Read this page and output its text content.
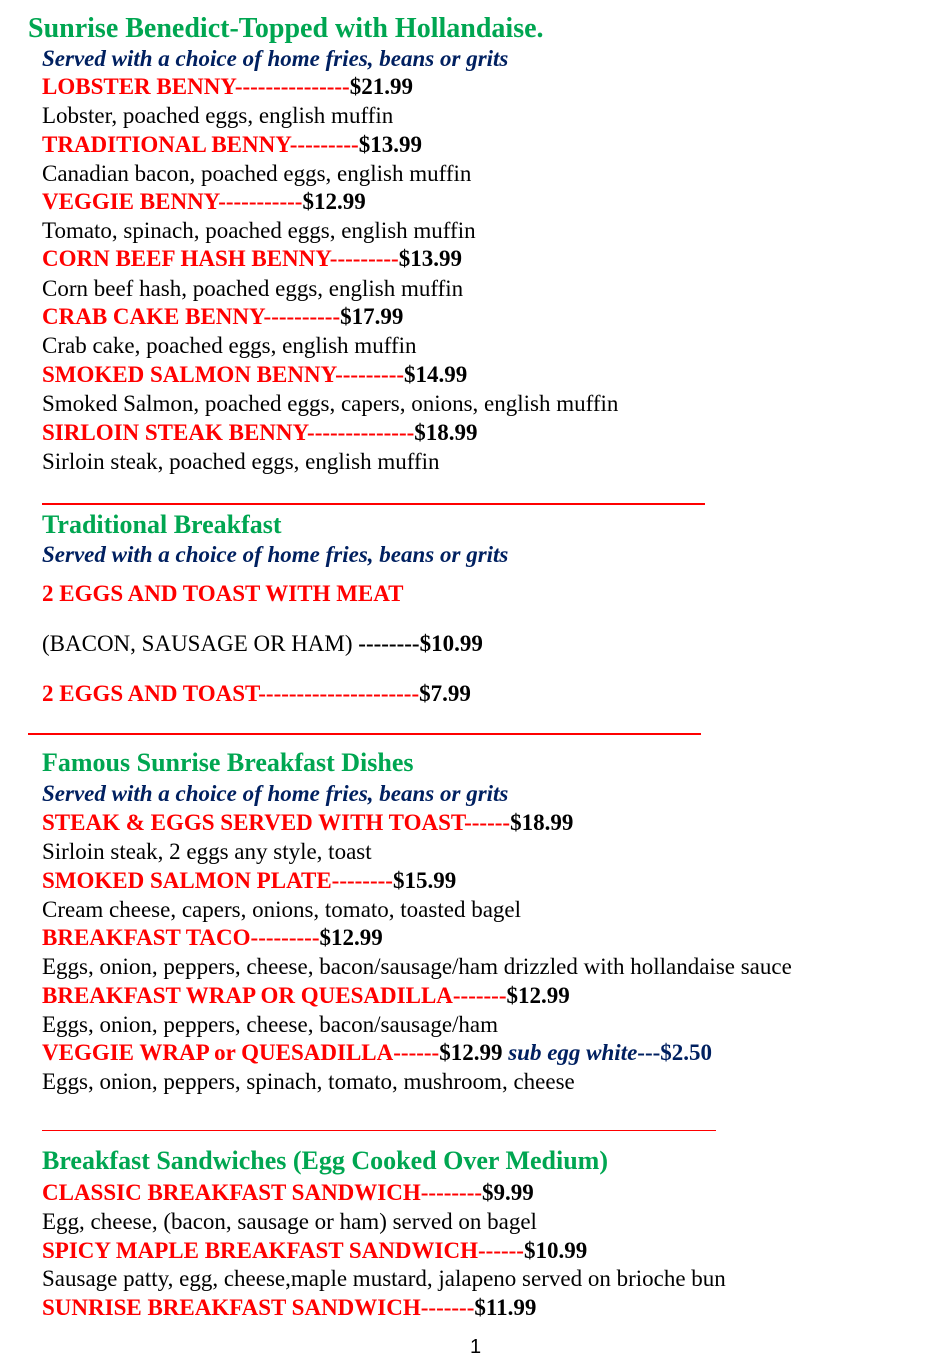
Sunrise Benedict-Topped with Hollandaise.
Served with a choice of home fries, beans or grits
LOBSTER BENNY---------------$21.99
Lobster, poached eggs, english muffin
TRADITIONAL BENNY---------$13.99
Canadian bacon, poached eggs, english muffin
VEGGIE BENNY-----------$12.99
Tomato, spinach, poached eggs, english muffin
CORN BEEF HASH BENNY---------$13.99
Corn beef hash, poached eggs, english muffin
CRAB CAKE BENNY----------$17.99
Crab cake, poached eggs, english muffin
SMOKED SALMON BENNY---------$14.99
Smoked Salmon, poached eggs, capers, onions, english muffin
SIRLOIN STEAK BENNY--------------$18.99
Sirloin steak, poached eggs, english muffin
Traditional Breakfast
Served with a choice of home fries, beans or grits
2 EGGS AND TOAST WITH MEAT
(BACON, SAUSAGE OR HAM) --------$10.99
2 EGGS AND TOAST---------------------$7.99
Famous Sunrise Breakfast Dishes
Served with a choice of home fries, beans or grits
STEAK & EGGS SERVED WITH TOAST------$18.99
Sirloin steak, 2 eggs any style, toast
SMOKED SALMON PLATE--------$15.99
Cream cheese, capers, onions, tomato, toasted bagel
BREAKFAST TACO---------$12.99
Eggs, onion, peppers, cheese, bacon/sausage/ham drizzled with hollandaise sauce
BREAKFAST WRAP OR QUESADILLA-------$12.99
Eggs, onion, peppers, cheese, bacon/sausage/ham
VEGGIE WRAP or QUESADILLA------$12.99 sub egg white---$2.50
Eggs, onion, peppers, spinach, tomato, mushroom, cheese
Breakfast Sandwiches (Egg Cooked Over Medium)
CLASSIC BREAKFAST SANDWICH--------$9.99
Egg, cheese, (bacon, sausage or ham) served on bagel
SPICY MAPLE BREAKFAST SANDWICH------$10.99
Sausage patty, egg, cheese,maple mustard, jalapeno served on brioche bun
SUNRISE BREAKFAST SANDWICH-------$11.99
1
